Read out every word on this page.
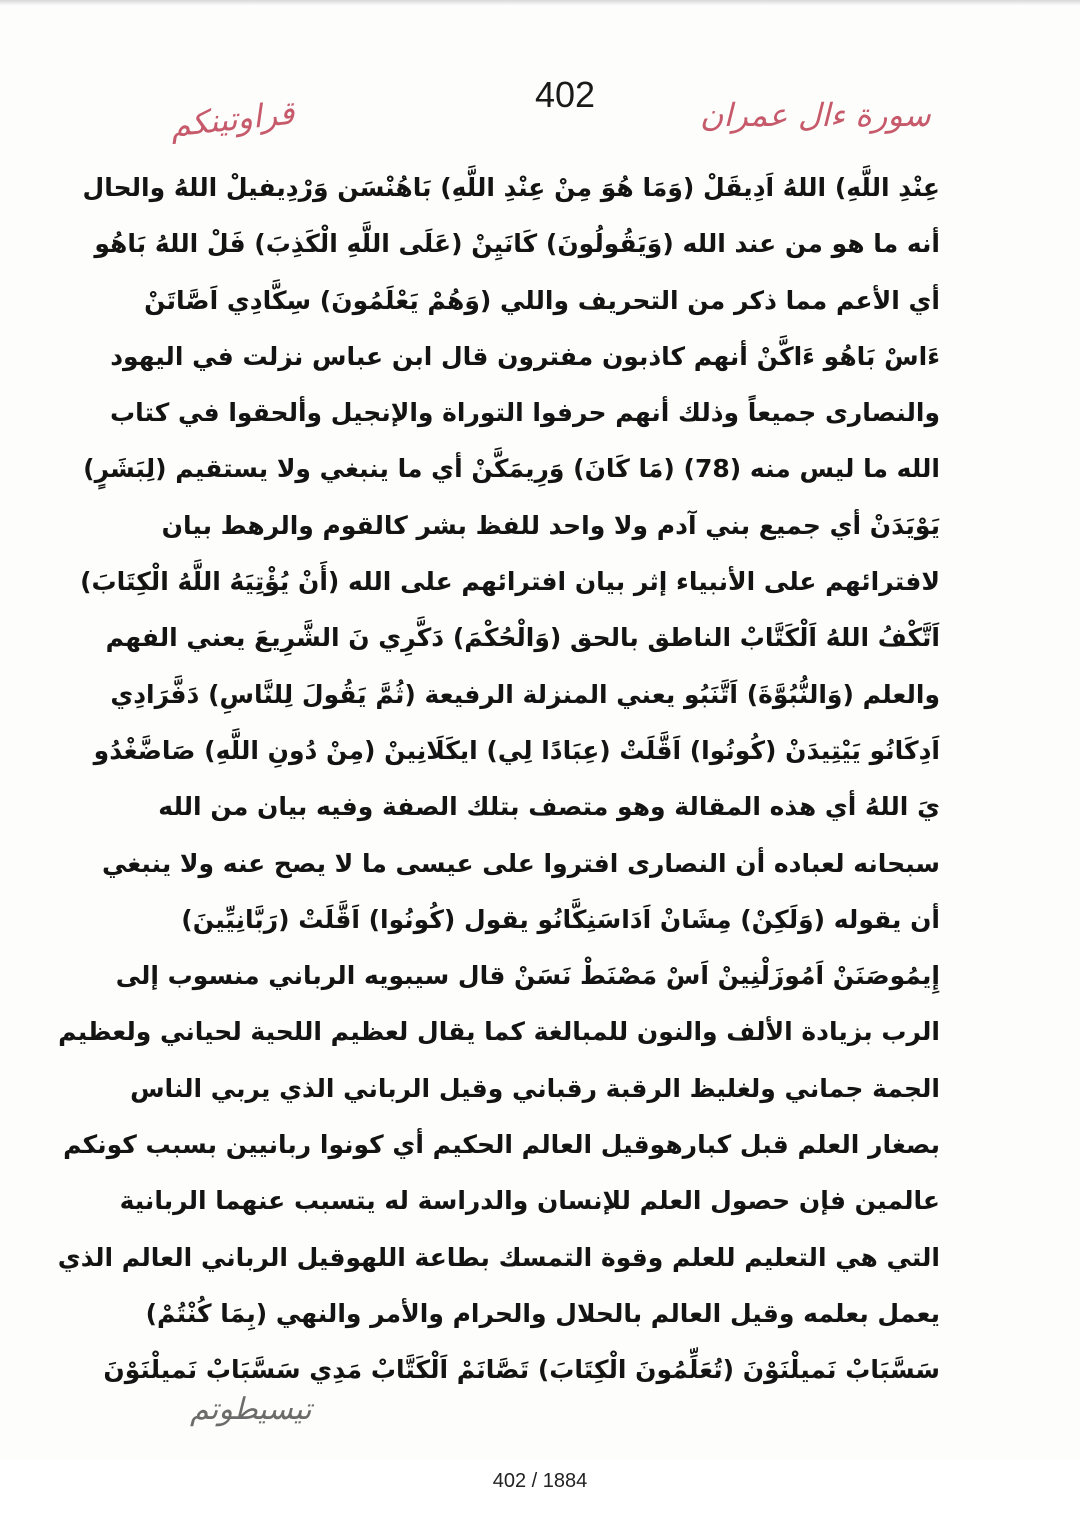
402	سورة ءال عمران
قراوتينكم
عِنْدِ اللَّهِ) اللهُ اَدِيقَلْ (وَمَا هُوَ مِنْ عِنْدِ اللَّهِ) بَاهُنْسَن وَرْدِيفيلْ اللهُ والحال
أنه ما هو من عند الله (وَيَقُولُونَ) كَانَيِنْ (عَلَى اللَّهِ الْكَذِبَ) فَلْ اللهُ بَاهُو
أي الأعم مما ذكر من التحريف واللي (وَهُمْ يَعْلَمُونَ) سِكَّادِي اَصَّاتَنْ
ءَاسْ بَاهُو ءَاكَّنْ أنهم كاذبون مفترون قال ابن عباس نزلت في اليهود
والنصارى جميعاً وذلك أنهم حرفوا التوراة والإنجيل وألحقوا في كتاب
الله ما ليس منه (78) (مَا كَانَ) وَرِيمَكَّنْ أي ما ينبغي ولا يستقيم (لِبَشَرٍ)
يَوْيَدَنْ أي جميع بني آدم ولا واحد للفظ بشر كالقوم والرهط بيان
لافترائهم على الأنبياء إثر بيان افترائهم على الله (أَنْ يُؤْتِيَهُ اللَّهُ الْكِتَابَ)
اَتَّكْفُ اللهُ اَلْكَتَّابْ الناطق بالحق (وَالْحُكْمَ) دَكَّرِي نَ الشَّرِيعَ يعني الفهم
والعلم (وَالنُّبُوَّةَ) اَتَّنَبُو يعني المنزلة الرفيعة (ثُمَّ يَقُولَ لِلنَّاسِ) دَفَّرَادِي
اَدِكَانُو يَيْتِيدَنْ (كُونُوا) اَقَّلَتْ (عِبَادًا لِي) ايكَلَانِينْ (مِنْ دُونِ اللَّهِ) صَاضَّغْدُو
يَ اللهُ أي هذه المقالة وهو متصف بتلك الصفة وفيه بيان من الله
سبحانه لعباده أن النصارى افتروا على عيسى ما لا يصح عنه ولا ينبغي
أن يقوله (وَلَكِنْ) مِشَانْ اَدَاسَنِكَّانُو يقول (كُونُوا) اَقَّلَتْ (رَبَّانِيِّينَ)
إِيمُوصَنَنْ اَمُوزَلْنِينْ اَسْ مَصْنَطْ نَسَنْ قال سيبويه الرباني منسوب إلى
الرب بزيادة الألف والنون للمبالغة كما يقال لعظيم اللحية لحياني ولعظيم
الجمة جماني ولغليظ الرقبة رقباني وقيل الرباني الذي يربي الناس
بصغار العلم قبل كبارهوقيل العالم الحكيم أي كونوا ربانيين بسبب كونكم
عالمين فإن حصول العلم للإنسان والدراسة له يتسبب عنهما الربانية
التي هي التعليم للعلم وقوة التمسك بطاعة اللهوقيل الرباني العالم الذي
يعمل بعلمه وقيل العالم بالحلال والحرام والأمر والنهي (بِمَا كُنْتُمْ)
سَسَّبَابْ نَميلْنَوْنَ (تُعَلِّمُونَ الْكِتَابَ) تَصَّانَمْ اَلْكَتَّابْ مَدِي سَسَّبَابْ نَميلْنَوْنَ
تيسيطوتم
402 / 1884
